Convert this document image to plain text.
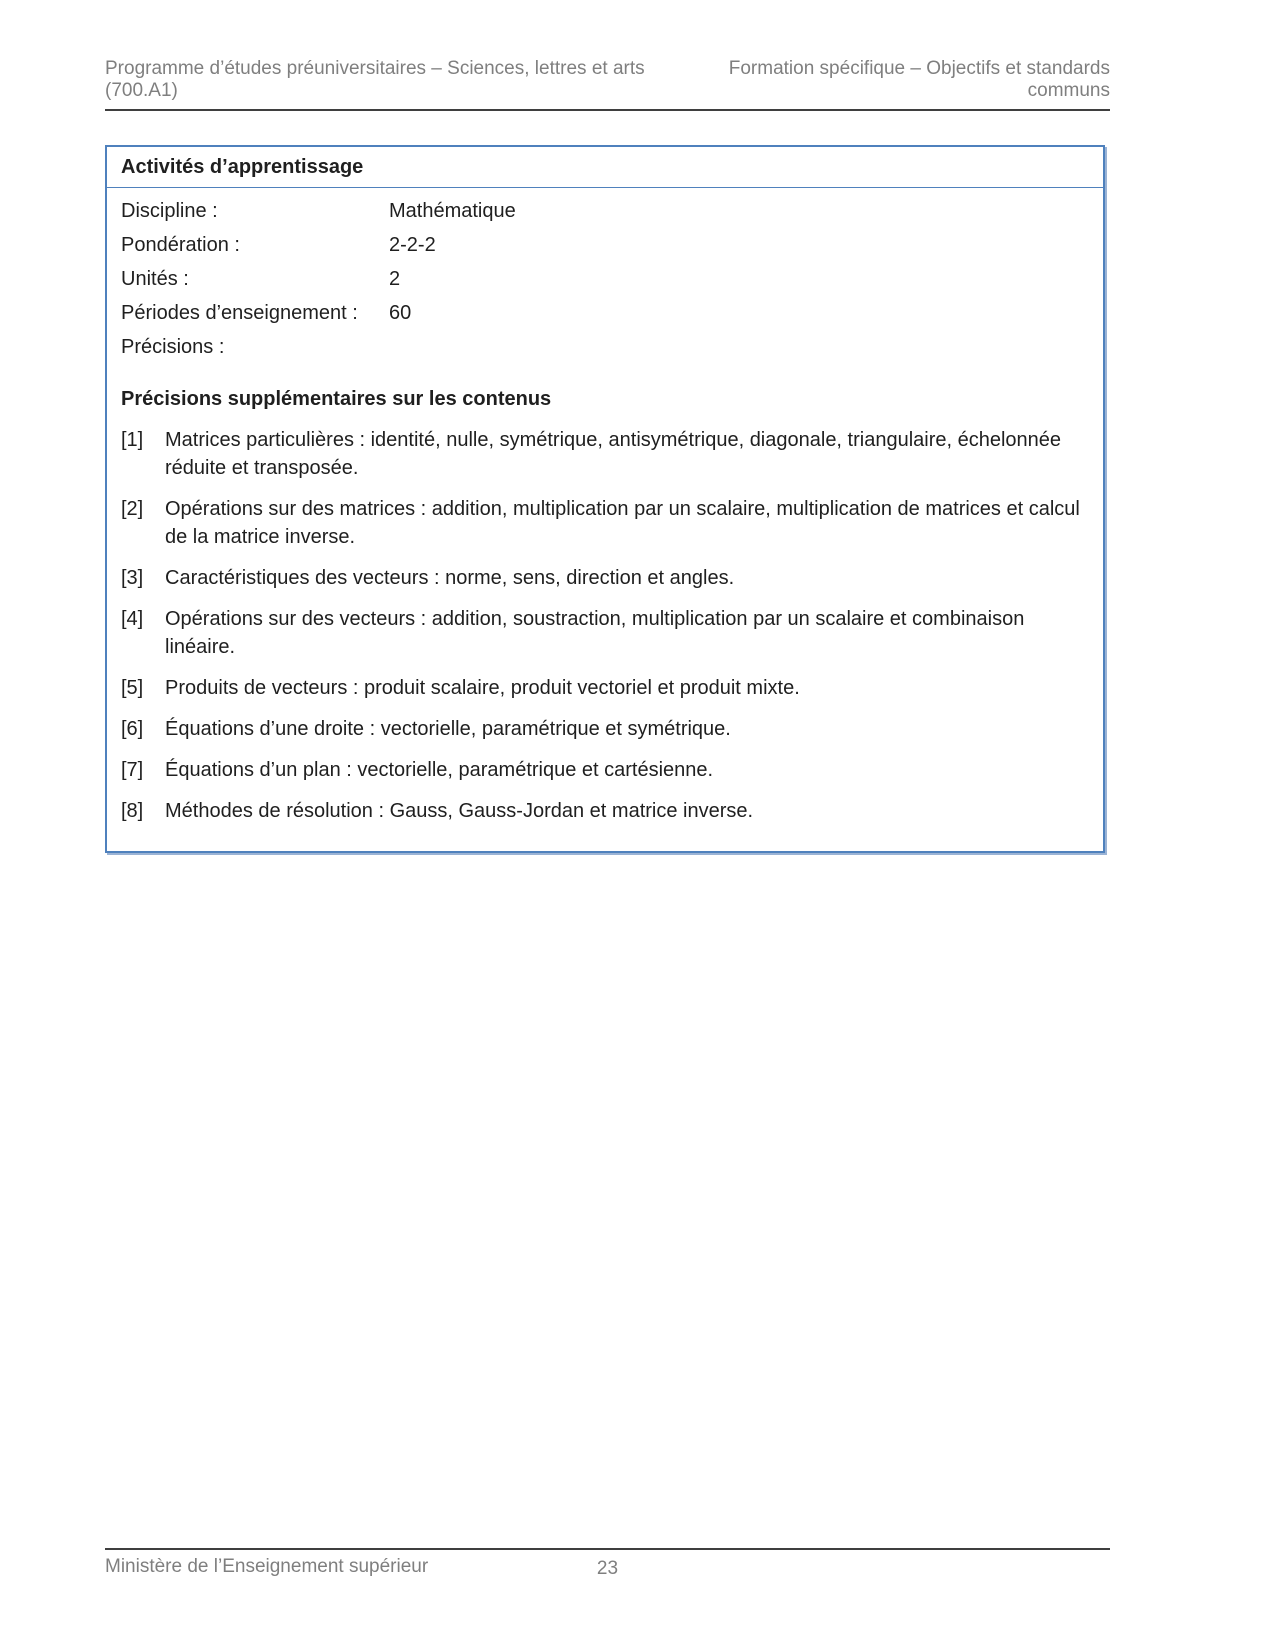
Programme d’études préuniversitaires – Sciences, lettres et arts (700.A1)
Formation spécifique – Objectifs et standards communs
Activités d’apprentissage
Discipline :	Mathématique
Pondération :	2-2-2
Unités :	2
Périodes d’enseignement :	60
Précisions :
Précisions supplémentaires sur les contenus
[1]	Matrices particulières : identité, nulle, symétrique, antisymétrique, diagonale, triangulaire, échelonnée réduite et transposée.
[2]	Opérations sur des matrices : addition, multiplication par un scalaire, multiplication de matrices et calcul de la matrice inverse.
[3]	Caractéristiques des vecteurs : norme, sens, direction et angles.
[4]	Opérations sur des vecteurs : addition, soustraction, multiplication par un scalaire et combinaison linéaire.
[5]	Produits de vecteurs : produit scalaire, produit vectoriel et produit mixte.
[6]	Équations d’une droite : vectorielle, paramétrique et symétrique.
[7]	Équations d’un plan : vectorielle, paramétrique et cartésienne.
[8]	Méthodes de résolution : Gauss, Gauss-Jordan et matrice inverse.
Ministère de l’Enseignement supérieur	23
